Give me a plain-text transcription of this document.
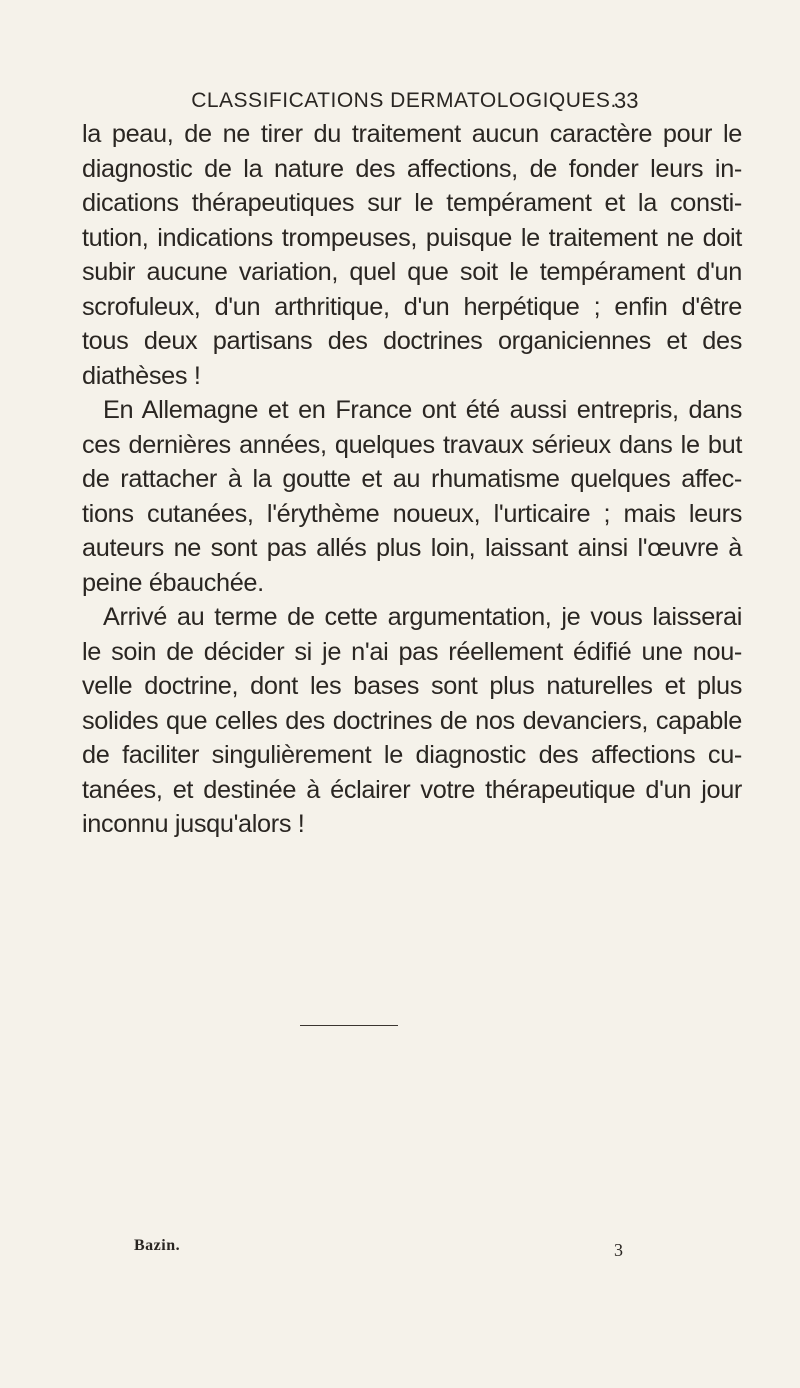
CLASSIFICATIONS DERMATOLOGIQUES.
33
la peau, de ne tirer du traitement aucun caractère pour le
diagnostic de la nature des affections, de fonder leurs in-
dications thérapeutiques sur le tempérament et la consti-
tution, indications trompeuses, puisque le traitement ne doit
subir aucune variation, quel que soit le tempérament d'un
scrofuleux, d'un arthritique, d'un herpétique ; enfin d'être
tous deux partisans des doctrines organiciennes et des
diathèses !
En Allemagne et en France ont été aussi entrepris, dans
ces dernières années, quelques travaux sérieux dans le but
de rattacher à la goutte et au rhumatisme quelques affec-
tions cutanées, l'érythème noueux, l'urticaire ; mais leurs
auteurs ne sont pas allés plus loin, laissant ainsi l'œuvre à
peine ébauchée.
Arrivé au terme de cette argumentation, je vous laisserai
le soin de décider si je n'ai pas réellement édifié une nou-
velle doctrine, dont les bases sont plus naturelles et plus
solides que celles des doctrines de nos devanciers, capable
de faciliter singulièrement le diagnostic des affections cu-
tanées, et destinée à éclairer votre thérapeutique d'un jour
inconnu jusqu'alors !
Bazin.	3
